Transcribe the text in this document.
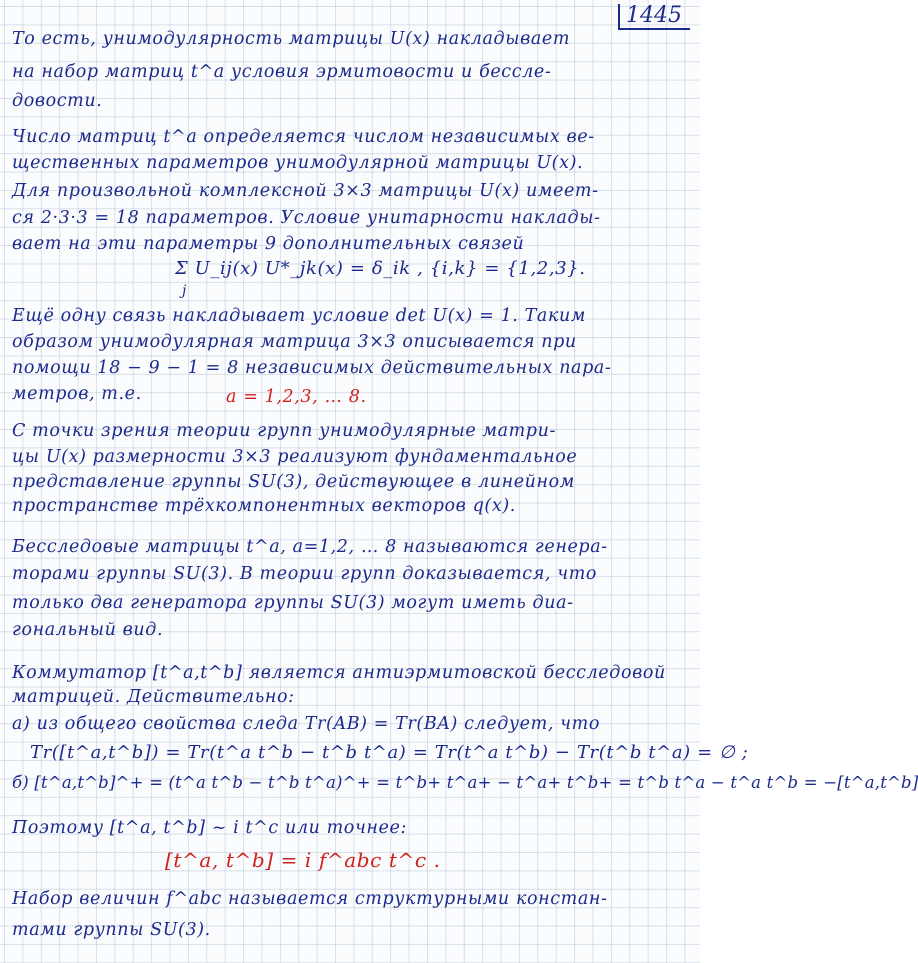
1445
То есть, унимодулярность матрицы U(x) накладывает
на набор матриц t^a условия эрмитовости и бессле-
довости.
Число матриц t^a определяется числом независимых ве-
щественных параметров унимодулярной матрицы U(x).
Для произвольной комплексной 3×3 матрицы U(x) имеет-
ся 2·3·3 = 18 параметров. Условие унитарности наклады-
вает на эти параметры 9 дополнительных связей
Σ U_ij(x) U*_jk(x) = δ_ik , {i,k} = {1,2,3}.
j
Ещё одну связь накладывает условие det U(x) = 1. Таким
образом унимодулярная матрица 3×3 описывается при
помощи 18 − 9 − 1 = 8 независимых действительных пара-
метров, т.е.	a = 1,2,3, … 8.
С точки зрения теории групп унимодулярные матри-
цы U(x) размерности 3×3 реализуют фундаментальное
представление группы SU(3), действующее в линейном
пространстве трёхкомпонентных векторов q(x).
Бесследовые матрицы t^a, a=1,2, … 8 называются генера-
торами группы SU(3). В теории групп доказывается, что
только два генератора группы SU(3) могут иметь диа-
гональный вид.
Коммутатор [t^a,t^b] является антиэрмитовской бесследовой
матрицей. Действительно:
а) из общего свойства следа Tr(AB) = Tr(BA) следует, что
Tr([t^a,t^b]) = Tr(t^a t^b − t^b t^a) = Tr(t^a t^b) − Tr(t^b t^a) = ∅ ;
б) [t^a,t^b]^+ = (t^a t^b − t^b t^a)^+ = t^b+ t^a+ − t^a+ t^b+ = t^b t^a − t^a t^b = −[t^a,t^b]
Поэтому [t^a, t^b] ~ i t^c или точнее:
[t^a, t^b] = i f^abc t^c .
Набор величин f^abc называется структурными констан-
тами группы SU(3).
